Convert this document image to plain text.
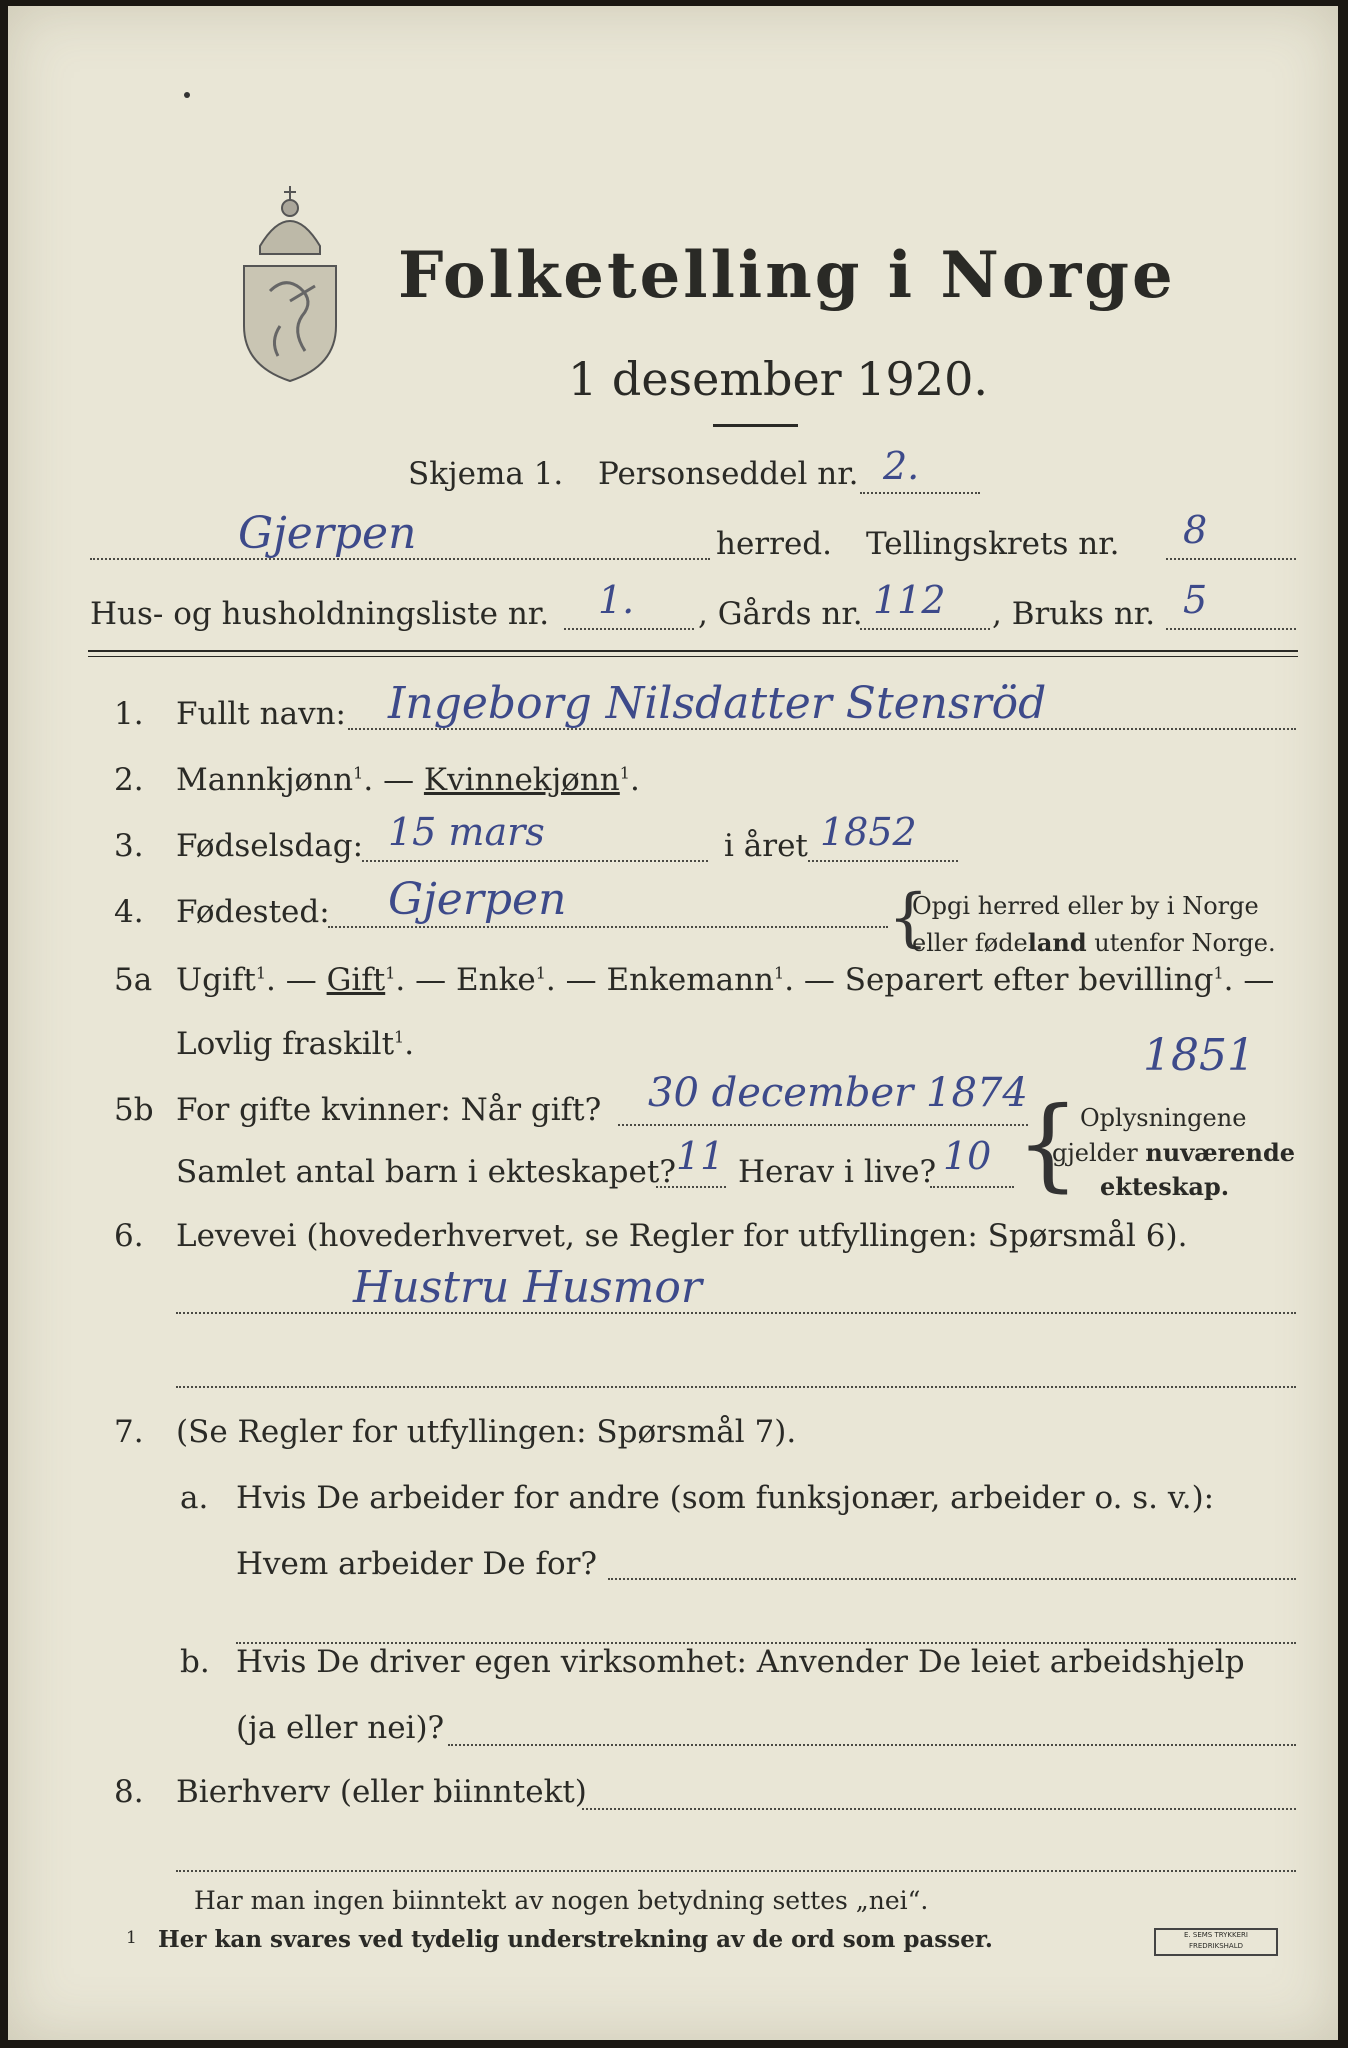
Folketelling i Norge
1 desember 1920.
Skjema 1. Personseddel nr. 2.
Gjerpen	herred. Tellingskrets nr. 8
Hus- og husholdningsliste nr. 1. , Gårds nr. 112 , Bruks nr. 5
1. Fullt navn: Ingeborg Nilsdatter Stensröd
2. Mannkjønn$^1$. — Kvinnekjønn$^1$.
3. Fødselsdag: 15 mars	i året 1852
4. Fødested: Gjerpen	{
Opgi herred eller by i Norge
eller fødeland utenfor Norge.
5a Ugift$^1$. — Gift$^1$. — Enke$^1$. — Enkemann$^1$. — Separert efter bevilling$^1$. —
Lovlig fraskilt$^1$.	1851
5b For gifte kvinner: Når gift? 30 december 1874
Samlet antal barn i ekteskapet? 11 Herav i live? 10 { Oplysningene
gjelder nuværende
ekteskap.
6. Levevei (hovederhvervet, se Regler for utfyllingen: Spørsmål 6).
Hustru Husmor
7. (Se Regler for utfyllingen: Spørsmål 7).
a. Hvis De arbeider for andre (som funksjonær, arbeider o. s. v.):
Hvem arbeider De for?
b. Hvis De driver egen virksomhet: Anvender De leiet arbeidshjelp
(ja eller nei)?
8. Bierhverv (eller biinntekt)
Har man ingen biinntekt av nogen betydning settes „nei“.
1 Her kan svares ved tydelig understrekning av de ord som passer.	E. SEMS TRYKKERI FREDRIKSHALD
